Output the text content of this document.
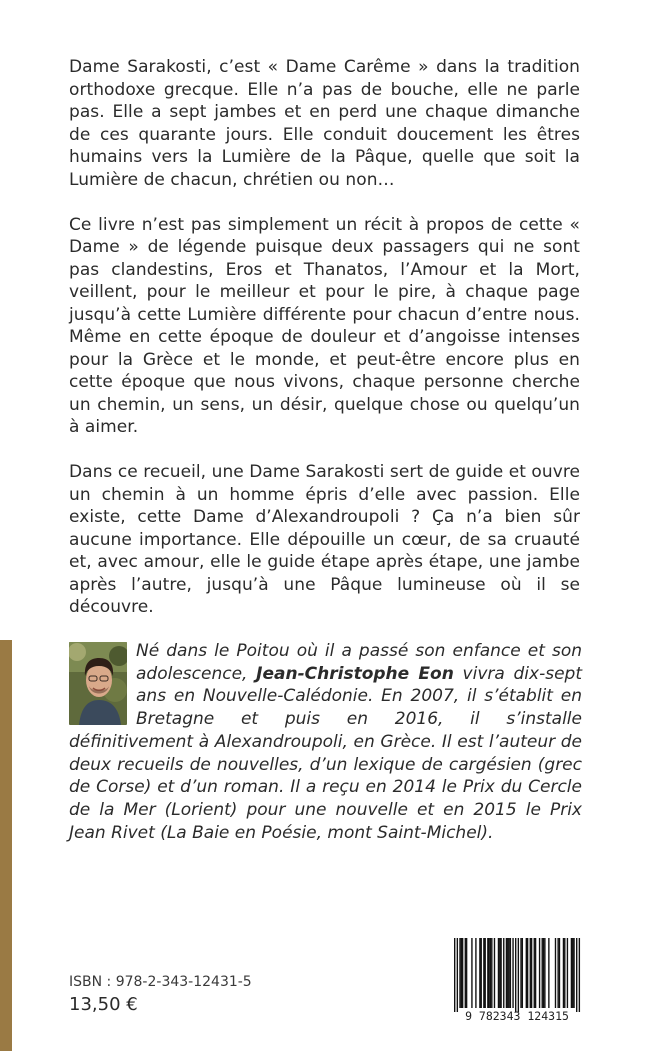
Dame Sarakosti, c’est « Dame Carême » dans la tradition orthodoxe grecque. Elle n’a pas de bouche, elle ne parle pas. Elle a sept jambes et en perd une chaque dimanche de ces quarante jours. Elle conduit doucement les êtres humains vers la Lumière de la Pâque, quelle que soit la Lumière de chacun, chrétien ou non…

Ce livre n’est pas simplement un récit à propos de cette « Dame » de légende puisque deux passagers qui ne sont pas clandestins, Eros et Thanatos, l’Amour et la Mort, veillent, pour le meilleur et pour le pire, à chaque page jusqu’à cette Lumière différente pour chacun d’entre nous. Même en cette époque de douleur et d’angoisse intenses pour la Grèce et le monde, et peut-être encore plus en cette époque que nous vivons, chaque personne cherche un chemin, un sens, un désir, quelque chose ou quelqu’un à aimer.

Dans ce recueil, une Dame Sarakosti sert de guide et ouvre un chemin à un homme épris d’elle avec passion. Elle existe, cette Dame d’Alexandroupoli ? Ça n’a bien sûr aucune importance. Elle dépouille un cœur, de sa cruauté et, avec amour, elle le guide étape après étape, une jambe après l’autre, jusqu’à une Pâque lumineuse où il se découvre.

Né dans le Poitou où il a passé son enfance et son adolescence, Jean-Christophe Eon vivra dix-sept ans en Nouvelle-Calédonie. En 2007, il s’établit en Bretagne et puis en 2016, il s’installe définitivement à Alexandroupoli, en Grèce. Il est l’auteur de deux recueils de nouvelles, d’un lexique de cargésien (grec de Corse) et d’un roman. Il a reçu en 2014 le Prix du Cercle de la Mer (Lorient) pour une nouvelle et en 2015 le Prix Jean Rivet (La Baie en Poésie, mont Saint-Michel).
ISBN : 978-2-343-12431-5
13,50 €
9 782343 124315
